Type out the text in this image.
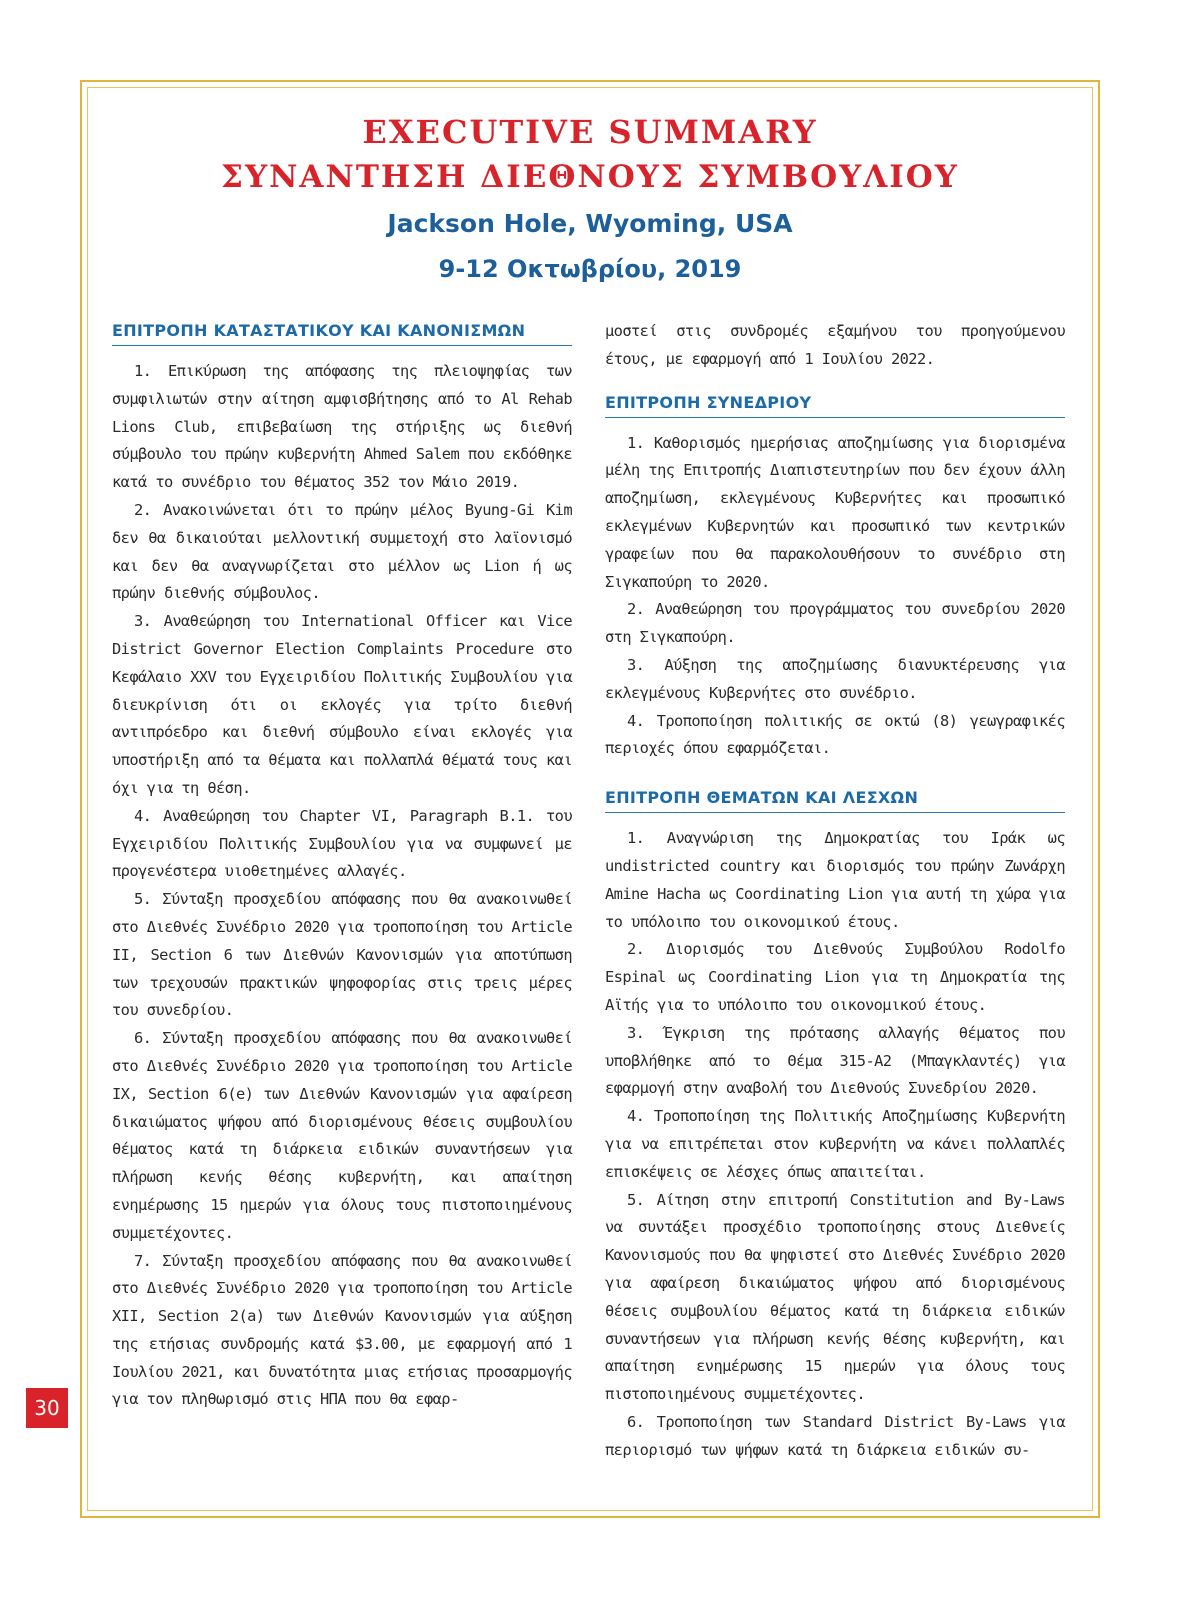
EXECUTIVE SUMMARY
ΣΥΝΑΝΤΗΣΗ ΔΙΕΘΝΟΥΣ ΣΥΜΒΟΥΛΙΟΥ
Jackson Hole, Wyoming, USA
9-12 Οκτωβρίου, 2019
ΕΠΙΤΡΟΠΗ ΚΑΤΑΣΤΑΤΙΚΟΥ ΚΑΙ ΚΑΝΟΝΙΣΜΩΝ

1. Επικύρωση της απόφασης της πλειοψηφίας των συμφιλιωτών στην αίτηση αμφισβήτησης από το Al Rehab Lions Club, επιβεβαίωση της στήριξης ως διεθνή σύμβουλο του πρώην κυβερνήτη Ahmed Salem που εκδόθηκε κατά το συνέδριο του θέματος 352 τον Μάιο 2019.

2. Ανακοινώνεται ότι το πρώην μέλος Byung-Gi Kim δεν θα δικαιούται μελλοντική συμμετοχή στο λαϊονισμό και δεν θα αναγνωρίζεται στο μέλλον ως Lion ή ως πρώην διεθνής σύμβουλος.

3. Αναθεώρηση του International Officer και Vice District Governor Election Complaints Procedure στο Κεφάλαιο XXV του Εγχειριδίου Πολιτικής Συμβουλίου για διευκρίνιση ότι οι εκλογές για τρίτο διεθνή αντιπρόεδρο και διεθνή σύμβουλο είναι εκλογές για υποστήριξη από τα θέματα και πολλαπλά θέματά τους και όχι για τη θέση.

4. Αναθεώρηση του Chapter VI, Paragraph B.1. του Εγχειριδίου Πολιτικής Συμβουλίου για να συμφωνεί με προγενέστερα υιοθετημένες αλλαγές.

5. Σύνταξη προσχεδίου απόφασης που θα ανακοινωθεί στο Διεθνές Συνέδριο 2020 για τροποποίηση του Article II, Section 6 των Διεθνών Κανονισμών για αποτύπωση των τρεχουσών πρακτικών ψηφοφορίας στις τρεις μέρες του συνεδρίου.

6. Σύνταξη προσχεδίου απόφασης που θα ανακοινωθεί στο Διεθνές Συνέδριο 2020 για τροποποίηση του Article IX, Section 6(e) των Διεθνών Κανονισμών για αφαίρεση δικαιώματος ψήφου από διορισμένους θέσεις συμβουλίου θέματος κατά τη διάρκεια ειδικών συναντήσεων για πλήρωση κενής θέσης κυβερνήτη, και απαίτηση ενημέρωσης 15 ημερών για όλους τους πιστοποιημένους συμμετέχοντες.

7. Σύνταξη προσχεδίου απόφασης που θα ανακοινωθεί στο Διεθνές Συνέδριο 2020 για τροποποίηση του Article XII, Section 2(a) των Διεθνών Κανονισμών για αύξηση της ετήσιας συνδρομής κατά $3.00, με εφαρμογή από 1 Ιουλίου 2021, και δυνατότητα μιας ετήσιας προσαρμογής για τον πληθωρισμό στις ΗΠΑ που θα εφαρ-

μοστεί στις συνδρομές εξαμήνου του προηγούμενου έτους, με εφαρμογή από 1 Ιουλίου 2022.

ΕΠΙΤΡΟΠΗ ΣΥΝΕΔΡΙΟΥ

1. Καθορισμός ημερήσιας αποζημίωσης για διορισμένα μέλη της Επιτροπής Διαπιστευτηρίων που δεν έχουν άλλη αποζημίωση, εκλεγμένους Κυβερνήτες και προσωπικό εκλεγμένων Κυβερνητών και προσωπικό των κεντρικών γραφείων που θα παρακολουθήσουν το συνέδριο στη Σιγκαπούρη το 2020.

2. Αναθεώρηση του προγράμματος του συνεδρίου 2020 στη Σιγκαπούρη.

3. Αύξηση της αποζημίωσης διανυκτέρευσης για εκλεγμένους Κυβερνήτες στο συνέδριο.

4. Τροποποίηση πολιτικής σε οκτώ (8) γεωγραφικές περιοχές όπου εφαρμόζεται.

ΕΠΙΤΡΟΠΗ ΘΕΜΑΤΩΝ ΚΑΙ ΛΕΣΧΩΝ

1. Αναγνώριση της Δημοκρατίας του Ιράκ ως undistricted country και διορισμός του πρώην Ζωνάρχη Amine Hacha ως Coordinating Lion για αυτή τη χώρα για το υπόλοιπο του οικονομικού έτους.

2. Διορισμός του Διεθνούς Συμβούλου Rodolfo Espinal ως Coordinating Lion για τη Δημοκρατία της Αϊτής για το υπόλοιπο του οικονομικού έτους.

3. Έγκριση της πρότασης αλλαγής θέματος που υποβλήθηκε από το Θέμα 315-A2 (Μπαγκλαντές) για εφαρμογή στην αναβολή του Διεθνούς Συνεδρίου 2020.

4. Τροποποίηση της Πολιτικής Αποζημίωσης Κυβερνήτη για να επιτρέπεται στον κυβερνήτη να κάνει πολλαπλές επισκέψεις σε λέσχες όπως απαιτείται.

5. Αίτηση στην επιτροπή Constitution and By-Laws να συντάξει προσχέδιο τροποποίησης στους Διεθνείς Κανονισμούς που θα ψηφιστεί στο Διεθνές Συνέδριο 2020 για αφαίρεση δικαιώματος ψήφου από διορισμένους θέσεις συμβουλίου θέματος κατά τη διάρκεια ειδικών συναντήσεων για πλήρωση κενής θέσης κυβερνήτη, και απαίτηση ενημέρωσης 15 ημερών για όλους τους πιστοποιημένους συμμετέχοντες.

6. Τροποποίηση των Standard District By-Laws για περιορισμό των ψήφων κατά τη διάρκεια ειδικών συ-

30
